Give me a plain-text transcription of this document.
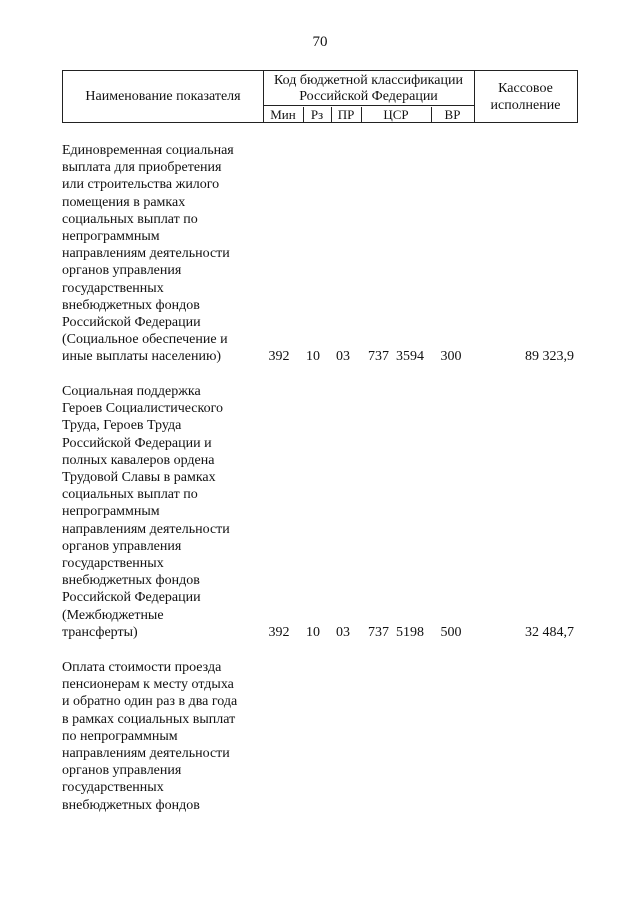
70
Наименование показателя
Код бюджетной классификации Российской Федерации
Мин	Рз	ПР	ЦСР	ВР
Кассовое исполнение
Единовременная социальная
выплата для приобретения
или строительства жилого
помещения в рамках
социальных выплат по
непрограммным
направлениям деятельности
органов управления
государственных
внебюджетных фондов
Российской Федерации
(Социальное обеспечение и
иные выплаты населению)	392	10	03	737  3594	300	89 323,9
Социальная поддержка
Героев Социалистического
Труда, Героев Труда
Российской Федерации и
полных кавалеров ордена
Трудовой Славы в рамках
социальных выплат по
непрограммным
направлениям деятельности
органов управления
государственных
внебюджетных фондов
Российской Федерации
(Межбюджетные
трансферты)	392	10	03	737  5198	500	32 484,7
Оплата стоимости проезда
пенсионерам к месту отдыха
и обратно один раз в два года
в рамках социальных выплат
по непрограммным
направлениям деятельности
органов управления
государственных
внебюджетных фондов
